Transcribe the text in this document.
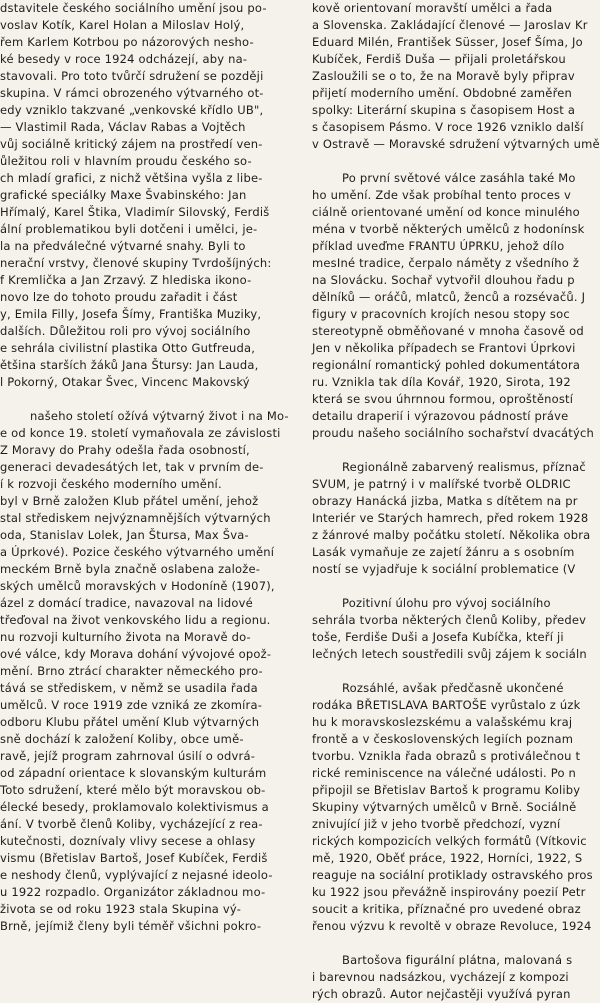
dstavitele českého sociálního umění jsou po-
voslav Kotík, Karel Holan a Miloslav Holý,
řem Karlem Kotrbou po názorových nesho-
ké besedy v roce 1924 odcházejí, aby na-
stavovali. Pro toto tvůrčí sdružení se později
skupina. V rámci obrozeného výtvarného ot-
edy vzniklo takzvané „venkovské křídlo UB",
— Vlastimil Rada, Václav Rabas a Vojtěch
vůj sociálně kritický zájem na prostředí ven-
ůležitou roli v hlavním proudu českého so-
ch mladí grafici, z nichž většina vyšla z libe-
grafické speciálky Maxe Švabinského: Jan
Hřímalý, Karel Štika, Vladimír Silovský, Ferdiš
ální problematikou byli dotčeni i umělci, je-
la na předválečné výtvarné snahy. Byli to
nerační vrstvy, členové skupiny Tvrdošíjných:
f Kremlička a Jan Zrzavý. Z hlediska ikono-
novo lze do tohoto proudu zařadit i část
y, Emila Filly, Josefa Šímy, Františka Muziky,
dalších. Důležitou roli pro vývoj sociálního
e sehrála civilistní plastika Otto Gutfreuda,
ětšina starších žáků Jana Štursy: Jan Lauda,
l Pokorný, Otakar Švec, Vincenc Makovský
našeho století ožívá výtvarný život i na Mo-
e od konce 19. století vymaňovala ze závislosti
Z Moravy do Prahy odešla řada osobností,
generaci devadesátých let, tak v prvním de-
í k rozvoji českého moderního umění.
byl v Brně založen Klub přátel umění, jehož
stal střediskem nejvýznamnějších výtvarných
oda, Stanislav Lolek, Jan Štursa, Max Šva-
a Úprkové). Pozice českého výtvarného umění
meckém Brně byla značně oslabena založe-
ských umělců moravských v Hodoníně (1907),
ázel z domácí tradice, navazoval na lidové
třeďoval na život venkovského lidu a regionu.
nu rozvoji kulturního života na Moravě do-
ové válce, kdy Morava dohání vývojové opož-
mění. Brno ztrácí charakter německého pro-
tává se střediskem, v němž se usadila řada
umělců. V roce 1919 zde vzniká ze zkomíra-
odboru Klubu přátel umění Klub výtvarných
sně dochází k založení Koliby, obce umě-
ravě, jejíž program zahrnoval úsilí o odvrá-
od západní orientace k slovanským kulturám
Toto sdružení, které mělo být moravskou ob-
élecké besedy, proklamovalo kolektivismus a
ání. V tvorbě členů Koliby, vycházející z rea-
kutečnosti, doznívaly vlivy secese a ohlasy
vismu (Břetislav Bartoš, Josef Kubíček, Ferdiš
e neshody členů, vyplývající z nejasné ideolo-
u 1922 rozpadlo. Organizátor základnou mo-
života se od roku 1923 stala Skupina vý-
Brně, jejímiž členy byli téměř všichni pokro-
kově orientovaní moravští umělci a řada
a Slovenska. Zakládající členové — Jaroslav Kr
Eduard Milén, František Süsser, Josef Šíma, Jo
Kubíček, Ferdiš Duša — přijali proletářskou
Zasloužili se o to, že na Moravě byly připrav
přijetí moderního umění. Obdobné zaměřen
spolky: Literární skupina s časopisem Host a
s časopisem Pásmo. V roce 1926 vzniklo další
v Ostravě — Moravské sdružení výtvarných umě
Po první světové válce zasáhla také Mo
ho umění. Zde však probíhal tento proces v
ciálně orientované umění od konce minulého
ména v tvorbě některých umělců z hodonínsk
příklad uveďme FRANTU ÚPRKU, jehož dílo
mesIné tradice, čerpalo náměty z všedního ž
na Slovácku. Sochař vytvořil dlouhou řadu p
dělníků — oráčů, mlatců, ženců a rozsévačů. J
figury v pracovních krojích nesou stopy soc
stereotypně obměňované v mnoha časově od
Jen v několika případech se Frantovi Úprkovi
regionální romantický pohled dokumentátora
ru. Vznikla tak díla Kovář, 1920, Sirota, 192
která se svou úhrnnou formou, oproštěností
detailu draperií i výrazovou pádností práve
proudu našeho sociálního sochařství dvacátých
Regionálně zabarvený realismus, příznač
SVUM, je patrný i v malířské tvorbě OLDRIC
obrazy Hanácká jizba, Matka s dítětem na pr
Interiér ve Starých hamrech, před rokem 1928
z žánrové malby počátku století. Několika obra
Lasák vymaňuje ze zajetí žánru a s osobním
ností se vyjadřuje k sociální problematice (V
Pozitivní úlohu pro vývoj sociálního
sehrála tvorba některých členů Koliby, předev
toše, Ferdiše Duši a Josefa Kubíčka, kteří ji
lečných letech soustředili svůj zájem k sociáln
Rozsáhlé, avšak předčasně ukončené
rodáka BŘETISLAVA BARTOŠE vyrůstalo z úzk
hu k moravskoslezskému a valašskému kraj
frontě a v československých legiích poznam
tvorbu. Vznikla řada obrazů s protiválečnou t
rické reminiscence na válečné události. Po n
připojil se Břetislav Bartoš k programu Koliby
Skupiny výtvarných umělců v Brně. Sociálně
znivující již v jeho tvorbě předchozí, vyzní
rických kompozicích velkých formátů (Vítkovic
mě, 1920, Oběť práce, 1922, Horníci, 1922, S
reaguje na sociální protiklady ostravského pros
ku 1922 jsou převážně inspirovány poezií Petr
soucit a kritika, příznačné pro uvedené obraz
řenou výzvu k revoltě v obraze Revoluce, 1924
Bartošova figurální plátna, malovaná s
i barevnou nadsázkou, vycházejí z kompozi
rých obrazů. Autor nejčastěji využívá pyran
